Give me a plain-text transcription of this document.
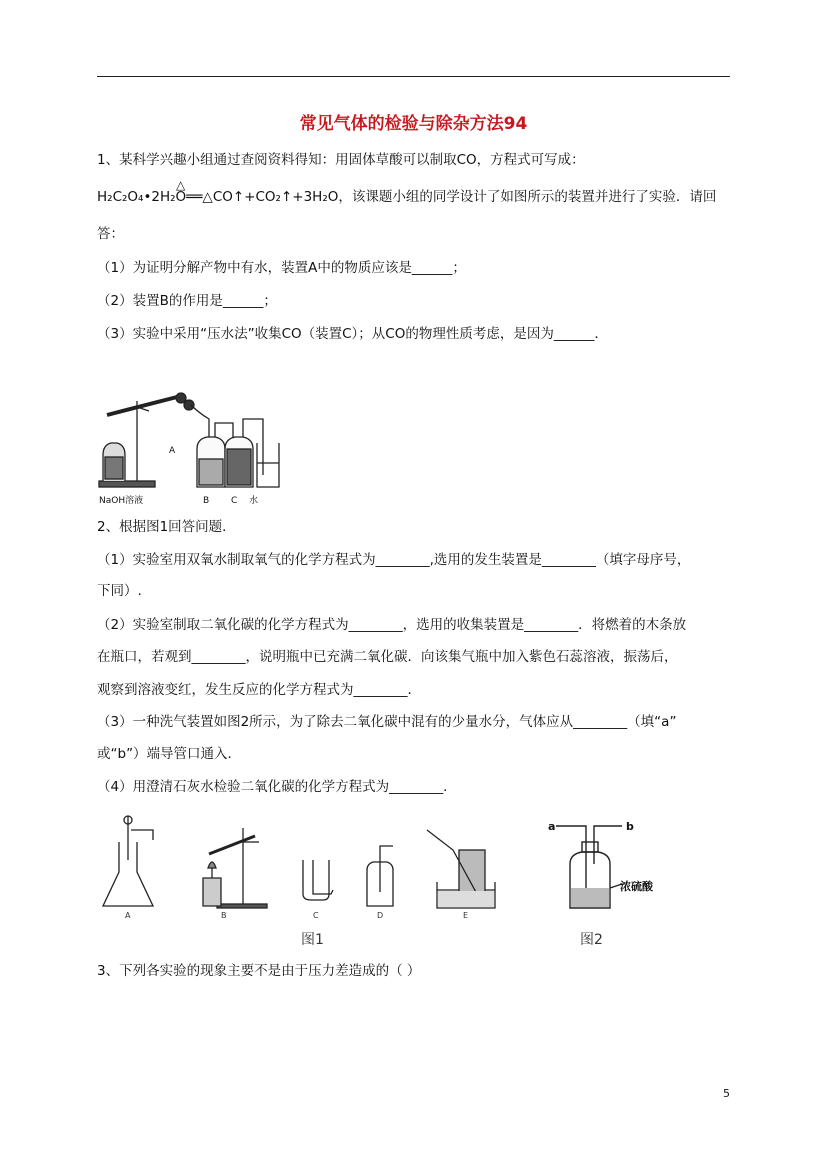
常见气体的检验与除杂方法94
1、某科学兴趣小组通过查阅资料得知：用固体草酸可以制取CO，方程式可写成：
△
H₂C₂O₄•2H₂O══△CO↑+CO₂↑+3H₂O，该课题小组的同学设计了如图所示的装置并进行了实验．请回
答：
（1）为证明分解产物中有水，装置A中的物质应该是______；
（2）装置B的作用是______；
（3）实验中采用“压水法”收集CO（装置C）；从CO的物理性质考虑，是因为______．
A
NaOH溶液	B C 水
2、根据图1回答问题．
（1）实验室用双氧水制取氧气的化学方程式为________,选用的发生装置是________（填字母序号，
下同）.
（2）实验室制取二氧化碳的化学方程式为________，选用的收集装置是________．将燃着的木条放
在瓶口，若观到________，说明瓶中已充满二氧化碳．向该集气瓶中加入紫色石蕊溶液，振荡后，
观察到溶液变红，发生反应的化学方程式为________．
（3）一种洗气装置如图2所示，为了除去二氧化碳中混有的少量水分，气体应从________（填“a”
或“b”）端导管口通入．
（4）用澄清石灰水检验二氧化碳的化学方程式为________．
A	B	C	D	E
图1
a	b
浓硫酸
图2
3、下列各实验的现象主要不是由于压力差造成的（ ）
5
